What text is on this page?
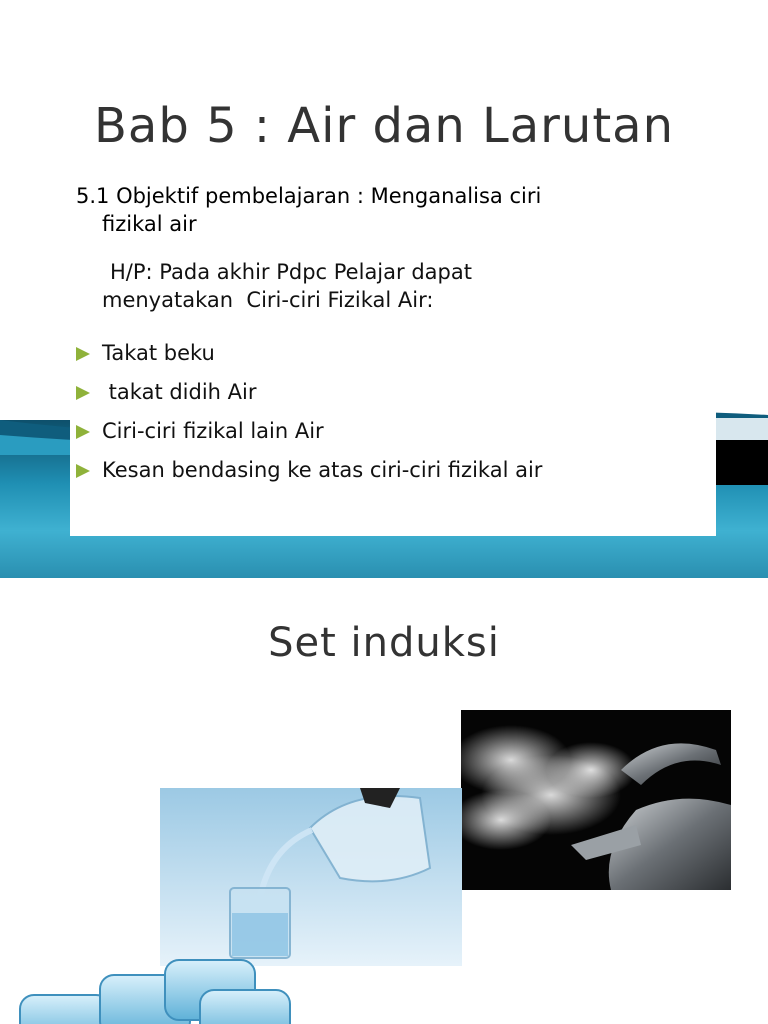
Bab 5 : Air dan Larutan
5.1 Objektif pembelajaran : Menganalisa ciri
fizikal air
H/P: Pada akhir Pdpc Pelajar dapat
menyatakan  Ciri-ciri Fizikal Air:
Takat beku
takat didih Air
Ciri-ciri fizikal lain Air
Kesan bendasing ke atas ciri-ciri fizikal air
Set induksi
